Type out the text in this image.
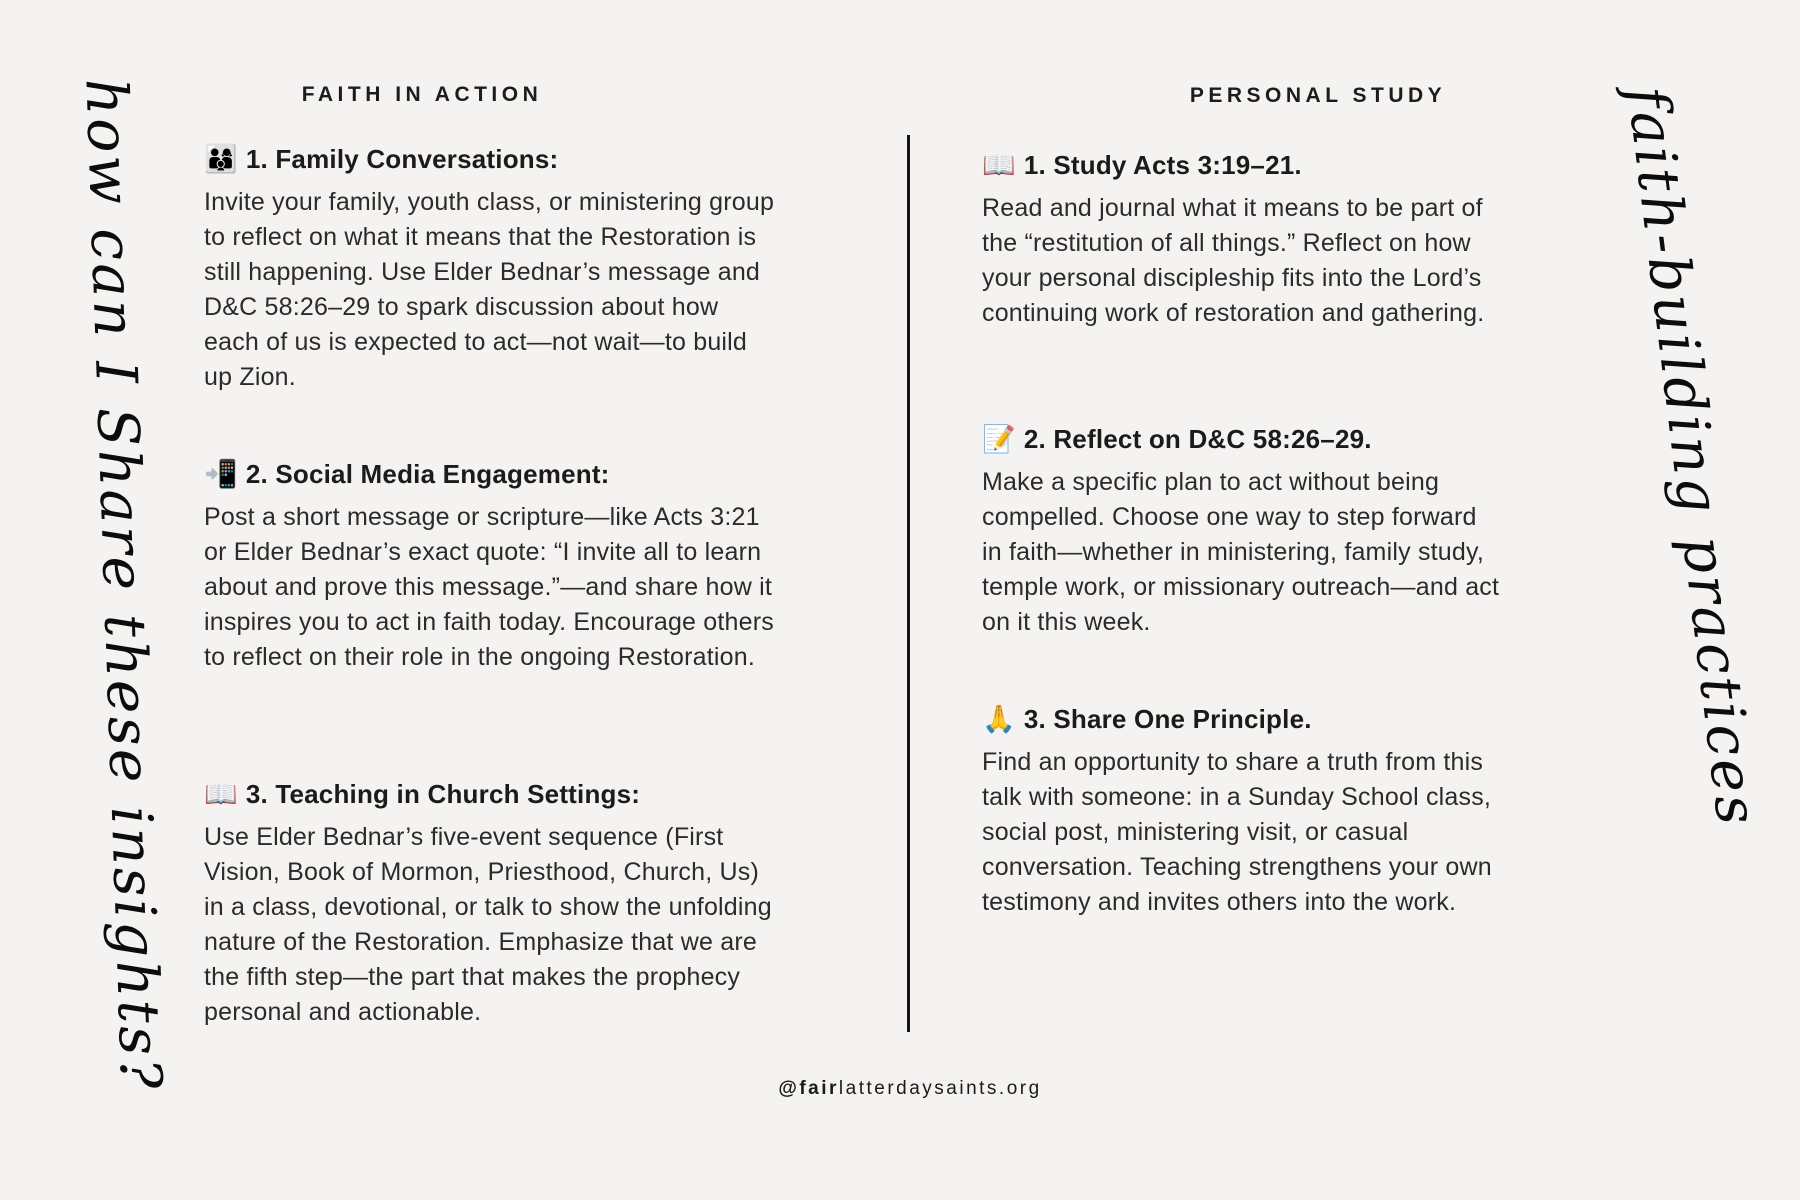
how can I Share these insights?	faith-building practices
FAITH IN ACTION	PERSONAL STUDY
👨‍👩‍👦 1. Family Conversations:

Invite your family, youth class, or ministering group to reflect on what it means that the Restoration is still happening. Use Elder Bednar’s message and D&C 58:26–29 to spark discussion about how each of us is expected to act—not wait—to build up Zion.

📲 2. Social Media Engagement:

Post a short message or scripture—like Acts 3:21 or Elder Bednar’s exact quote: “I invite all to learn about and prove this message.”—and share how it inspires you to act in faith today. Encourage others to reflect on their role in the ongoing Restoration.

📖 3. Teaching in Church Settings:

Use Elder Bednar’s five-event sequence (First Vision, Book of Mormon, Priesthood, Church, Us) in a class, devotional, or talk to show the unfolding nature of the Restoration. Emphasize that we are the fifth step—the part that makes the prophecy personal and actionable.

📖 1. Study Acts 3:19–21.

Read and journal what it means to be part of the “restitution of all things.” Reflect on how your personal discipleship fits into the Lord’s continuing work of restoration and gathering.

📝 2. Reflect on D&C 58:26–29.

Make a specific plan to act without being compelled. Choose one way to step forward in faith—whether in ministering, family study, temple work, or missionary outreach—and act on it this week.

🙏 3. Share One Principle.

Find an opportunity to share a truth from this talk with someone: in a Sunday School class, social post, ministering visit, or casual conversation. Teaching strengthens your own testimony and invites others into the work.

@fairlatterdaysaints.org
